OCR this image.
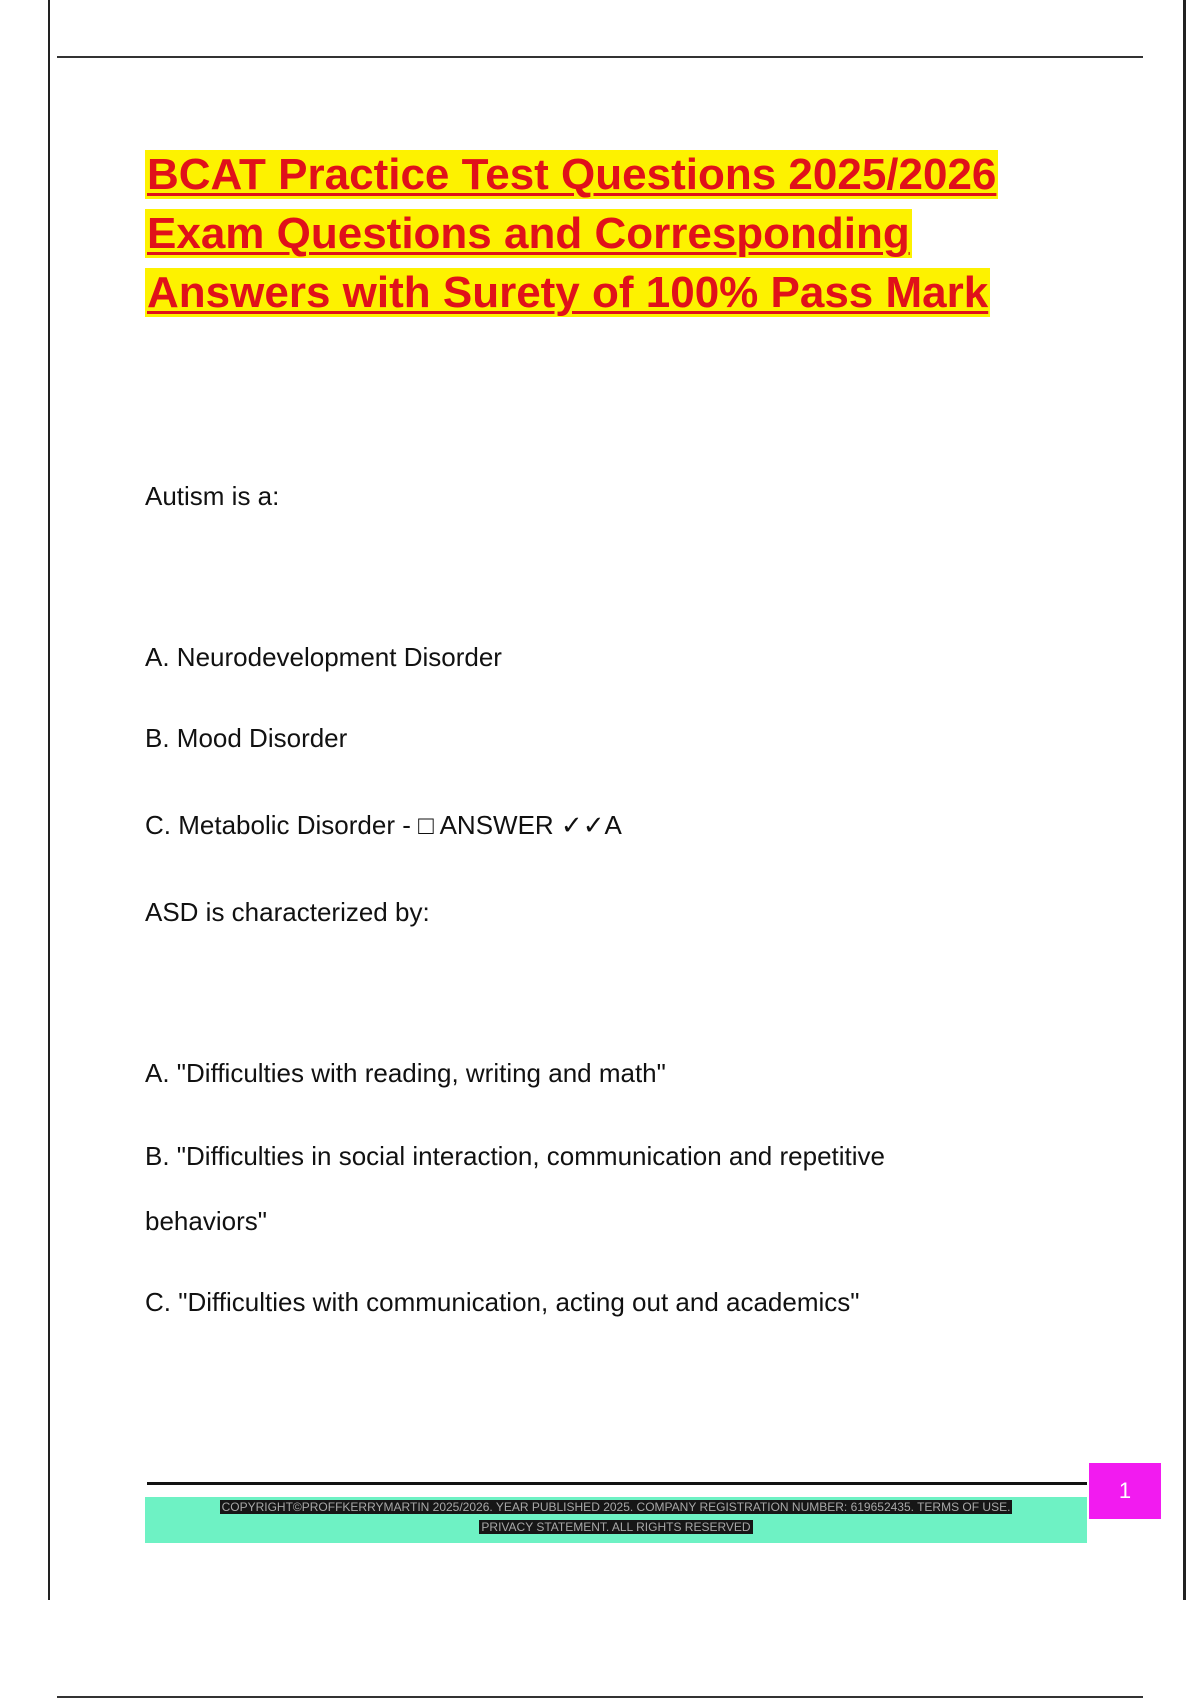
BCAT Practice Test Questions 2025/2026
Exam Questions and Corresponding
Answers with Surety of 100% Pass Mark
Autism is a:
A. Neurodevelopment Disorder
B. Mood Disorder
C. Metabolic Disorder - □ ANSWER ✓✓A
ASD is characterized by:
A. "Difficulties with reading, writing and math"
B. "Difficulties in social interaction, communication and repetitive
behaviors"
C. "Difficulties with communication, acting out and academics"
COPYRIGHT©PROFFKERRYMARTIN 2025/2026. YEAR PUBLISHED 2025. COMPANY REGISTRATION NUMBER: 619652435. TERMS OF USE.
PRIVACY STATEMENT. ALL RIGHTS RESERVED
1
